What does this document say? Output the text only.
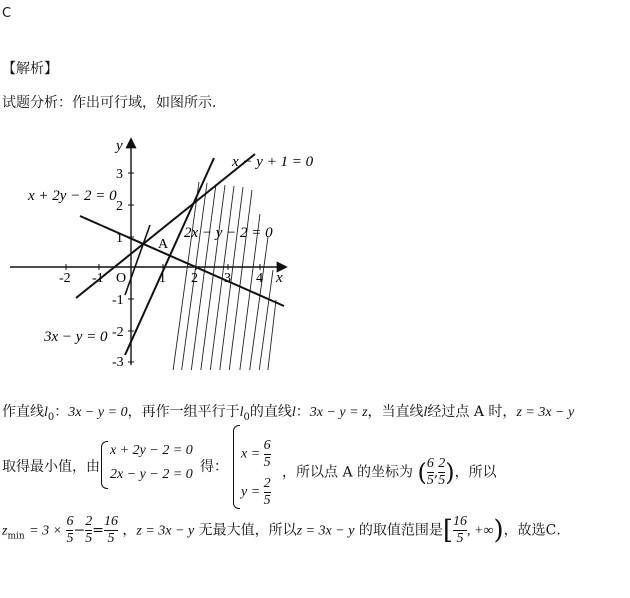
C
【解析】
试题分析：作出可行域，如图所示．
y
x
O
A
-2 -1	1 2 3 4
3
2
1
-1
-2
-3
x − y + 1 = 0
x + 2y − 2 = 0
2x − y − 2 = 0
3x − y = 0
作直线$l_0$：3x − y = 0，再作一组平行于$l_0$的直线l：3x − y = z，当直线l经过点 A 时，z = 3x − y
取得最小值，由
x + 2y − 2 = 0
2x − y − 2 = 0 得：
$x = \frac{6}{5}$
$y = \frac{2}{5}$
，所以点 A 的坐标为 ( $\frac{6}{5}$ , $\frac{2}{5}$ )，所以
$z_{min} = 3 \times \frac{6}{5} - \frac{2}{5} = \frac{16}{5}$ ，z = 3x − y 无最大值，所以z = 3x − y 的取值范围是[ $\frac{16}{5}$ , +∞)，故选C．
